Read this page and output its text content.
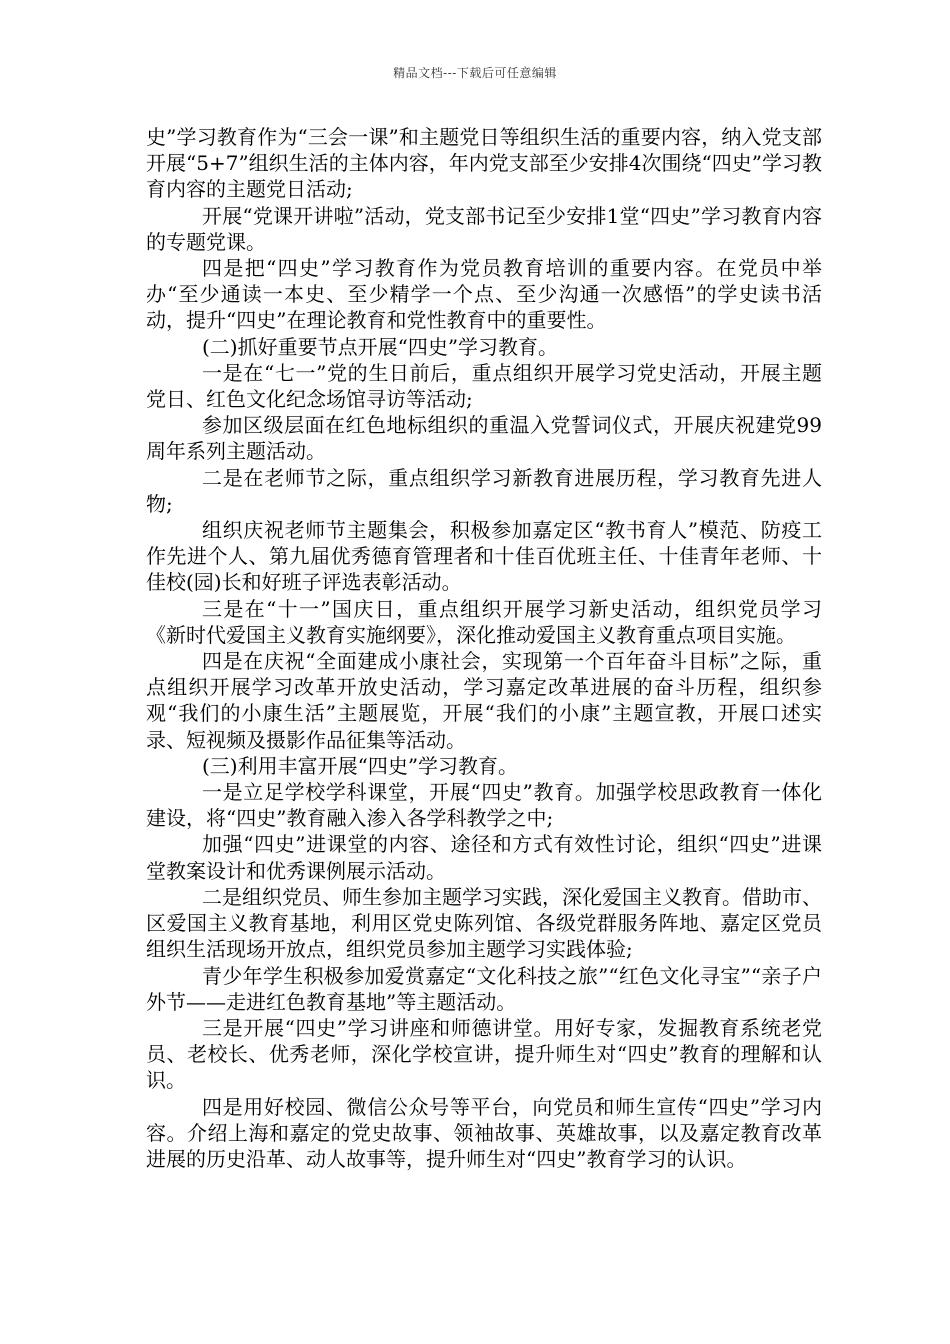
精品文档---下载后可任意编辑

史”学习教育作为“三会一课”和主题党日等组织生活的重要内容，纳入党支部开展“5+7”组织生活的主体内容，年内党支部至少安排4次围绕“四史”学习教育内容的主题党日活动;

开展“党课开讲啦”活动，党支部书记至少安排1堂“四史”学习教育内容的专题党课。

四是把“四史”学习教育作为党员教育培训的重要内容。在党员中举办“至少通读一本史、至少精学一个点、至少沟通一次感悟”的学史读书活动，提升“四史”在理论教育和党性教育中的重要性。

(二)抓好重要节点开展“四史”学习教育。

一是在“七一”党的生日前后，重点组织开展学习党史活动，开展主题党日、红色文化纪念场馆寻访等活动;

参加区级层面在红色地标组织的重温入党誓词仪式，开展庆祝建党99周年系列主题活动。

二是在老师节之际，重点组织学习新教育进展历程，学习教育先进人物;

组织庆祝老师节主题集会，积极参加嘉定区“教书育人”模范、防疫工作先进个人、第九届优秀德育管理者和十佳百优班主任、十佳青年老师、十佳校(园)长和好班子评选表彰活动。

三是在“十一”国庆日，重点组织开展学习新史活动，组织党员学习《新时代爱国主义教育实施纲要》，深化推动爱国主义教育重点项目实施。

四是在庆祝“全面建成小康社会，实现第一个百年奋斗目标”之际，重点组织开展学习改革开放史活动，学习嘉定改革进展的奋斗历程，组织参观“我们的小康生活”主题展览，开展“我们的小康”主题宣教，开展口述实录、短视频及摄影作品征集等活动。

(三)利用丰富开展“四史”学习教育。

一是立足学校学科课堂，开展“四史”教育。加强学校思政教育一体化建设，将“四史”教育融入渗入各学科教学之中;

加强“四史”进课堂的内容、途径和方式有效性讨论，组织“四史”进课堂教案设计和优秀课例展示活动。

二是组织党员、师生参加主题学习实践，深化爱国主义教育。借助市、区爱国主义教育基地，利用区党史陈列馆、各级党群服务阵地、嘉定区党员组织生活现场开放点，组织党员参加主题学习实践体验;

青少年学生积极参加爱赏嘉定“文化科技之旅”“红色文化寻宝”“亲子户外节——走进红色教育基地”等主题活动。

三是开展“四史”学习讲座和师德讲堂。用好专家，发掘教育系统老党员、老校长、优秀老师，深化学校宣讲，提升师生对“四史”教育的理解和认识。

四是用好校园、微信公众号等平台，向党员和师生宣传“四史”学习内容。介绍上海和嘉定的党史故事、领袖故事、英雄故事，以及嘉定教育改革进展的历史沿革、动人故事等，提升师生对“四史”教育学习的认识。
